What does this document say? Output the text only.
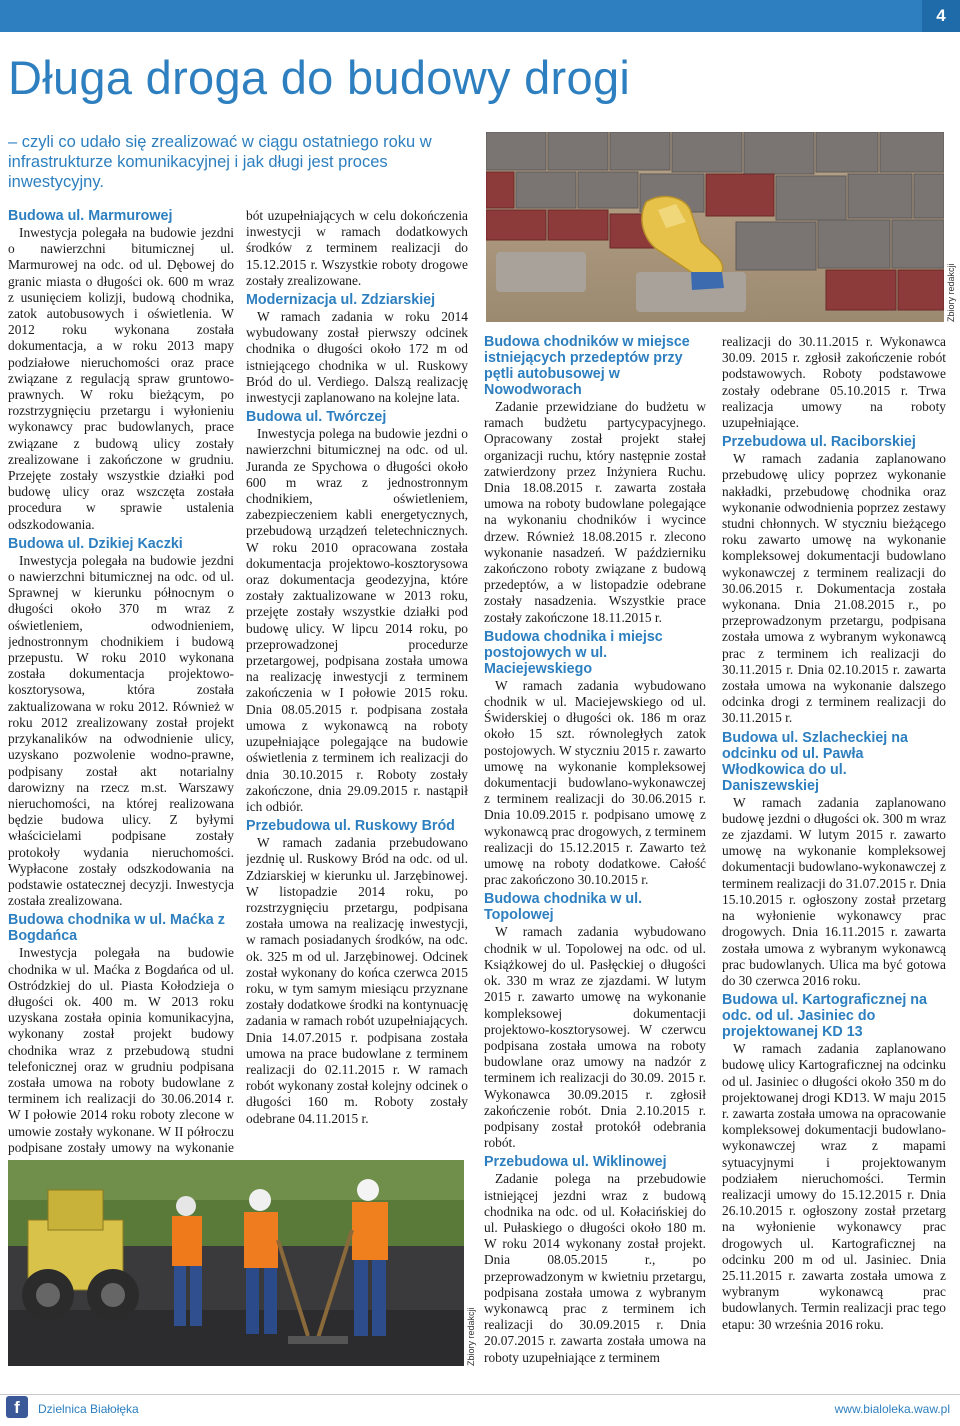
4
Długa droga do budowy drogi
– czyli co udało się zrealizować w ciągu ostatniego roku w infrastrukturze komunikacyjnej i jak długi jest proces inwestycyjny.
Budowa ul. Marmurowej

Inwestycja polegała na budowie jezdni o nawierzchni bitumicznej ul. Marmurowej na odc. od ul. Dębowej do granic miasta o długości ok. 600 m wraz z usunięciem kolizji, budową chodnika, zatok autobusowych i oświetlenia. W 2012 roku wykonana została dokumentacja, a w roku 2013 mapy podziałowe nieruchomości oraz prace związane z regulacją spraw gruntowo-prawnych. W roku bieżącym, po rozstrzygnięciu przetargu i wyłonieniu wykonawcy prac budowlanych, prace związane z budową ulicy zostały zrealizowane i zakończone w grudniu. Przejęte zostały wszystkie działki pod budowę ulicy oraz wszczęta została procedura w sprawie ustalenia odszkodowania.

Budowa ul. Dzikiej Kaczki

Inwestycja polegała na budowie jezdni o nawierzchni bitumicznej na odc. od ul. Sprawnej w kierunku północnym o długości około 370 m wraz z oświetleniem, odwodnieniem, jednostronnym chodnikiem i budową przepustu. W roku 2010 wykonana została dokumentacja projektowo-kosztorysowa, która została zaktualizowana w roku 2012. Również w roku 2012 zrealizowany został projekt przykanalików na odwodnienie ulicy, uzyskano pozwolenie wodno-prawne, podpisany został akt notarialny darowizny na rzecz m.st. Warszawy nieruchomości, na której realizowana będzie budowa ulicy. Z byłymi właścicielami podpisane zostały protokoły wydania nieruchomości. Wypłacone zostały odszkodowania na podstawie ostatecznej decyzji. Inwestycja została zrealizowana.

Budowa chodnika w ul. Maćka z Bogdańca

Inwestycja polegała na budowie chodnika w ul. Maćka z Bogdańca od ul. Ostródzkiej do ul. Piasta Kołodzieja o długości ok. 400 m. W 2013 roku uzyskana została opinia komunikacyjna, wykonany został projekt budowy chodnika wraz z przebudową studni telefonicznej oraz w grudniu podpisana została umowa na roboty budowlane z terminem ich realizacji do 30.06.2014 r. W I połowie 2014 roku roboty zlecone w umowie zostały wykonane. W II półroczu podpisane zostały umowy na wykonanie

bót uzupełniających w celu dokończenia inwestycji w ramach dodatkowych środków z terminem realizacji do 15.12.2015 r. Wszystkie roboty drogowe zostały zrealizowane.

Modernizacja ul. Zdziarskiej

W ramach zadania w roku 2014 wybudowany został pierwszy odcinek chodnika o długości około 172 m od istniejącego chodnika w ul. Ruskowy Bród do ul. Verdiego. Dalszą realizację inwestycji zaplanowano na kolejne lata.

Budowa ul. Twórczej

Inwestycja polega na budowie jezdni o nawierzchni bitumicznej na odc. od ul. Juranda ze Spychowa o długości około 600 m wraz z jednostronnym chodnikiem, oświetleniem, zabezpieczeniem kabli energetycznych, przebudową urządzeń teletechnicznych. W roku 2010 opracowana została dokumentacja projektowo-kosztorysowa oraz dokumentacja geodezyjna, które zostały zaktualizowane w 2013 roku, przejęte zostały wszystkie działki pod budowę ulicy. W lipcu 2014 roku, po przeprowadzonej procedurze przetargowej, podpisana została umowa na realizację inwestycji z terminem zakończenia w I połowie 2015 roku. Dnia 08.05.2015 r. podpisana została umowa z wykonawcą na roboty uzupełniające polegające na budowie oświetlenia z terminem ich realizacji do dnia 30.10.2015 r. Roboty zostały zakończone, dnia 29.09.2015 r. nastąpił ich odbiór.

Przebudowa ul. Ruskowy Bród

W ramach zadania przebudowano jezdnię ul. Ruskowy Bród na odc. od ul. Zdziarskiej w kierunku ul. Jarzębinowej. W listopadzie 2014 roku, po rozstrzygnięciu przetargu, podpisana została umowa na realizację inwestycji, w ramach posiadanych środków, na odc. ok. 325 m od ul. Jarzębinowej. Odcinek został wykonany do końca czerwca 2015 roku, w tym samym miesiącu przyznane zostały dodatkowe środki na kontynuację zadania w ramach robót uzupełniających. Dnia 14.07.2015 r. podpisana została umowa na prace budowlane z terminem realizacji do 02.11.2015 r. W ramach robót wykonany został kolejny odcinek o długości 160 m. Roboty zostały odebrane 04.11.2015 r.

Zbiory redakcji
Budowa chodników w miejsce istniejących przedeptów przy pętli autobusowej w Nowodworach

Zadanie przewidziane do budżetu w ramach budżetu partycypacyjnego. Opracowany został projekt stałej organizacji ruchu, który następnie został zatwierdzony przez Inżyniera Ruchu. Dnia 18.08.2015 r. zawarta została umowa na roboty budowlane polegające na wykonaniu chodników i wycince drzew. Również 18.08.2015 r. zlecono wykonanie nasadzeń. W październiku zakończono roboty związane z budową przedeptów, a w listopadzie odebrane zostały nasadzenia. Wszystkie prace zostały zakończone 18.11.2015 r.

Budowa chodnika i miejsc postojowych w ul. Maciejewskiego

W ramach zadania wybudowano chodnik w ul. Maciejewskiego od ul. Świderskiej o długości ok. 186 m oraz około 15 szt. równoległych zatok postojowych. W styczniu 2015 r. zawarto umowę na wykonanie kompleksowej dokumentacji budowlano-wykonawczej z terminem realizacji do 30.06.2015 r. Dnia 10.09.2015 r. podpisano umowę z wykonawcą prac drogowych, z terminem realizacji do 15.12.2015 r. Zawarto też umowę na roboty dodatkowe. Całość prac zakończono 30.10.2015 r.

Budowa chodnika w ul. Topolowej

W ramach zadania wybudowano chodnik w ul. Topolowej na odc. od ul. Książkowej do ul. Pasłęckiej o długości ok. 330 m wraz ze zjazdami. W lutym 2015 r. zawarto umowę na wykonanie kompleksowej dokumentacji projektowo-kosztorysowej. W czerwcu podpisana została umowa na roboty budowlane oraz umowy na nadzór z terminem ich realizacji do 30.09. 2015 r. Wykonawca 30.09.2015 r. zgłosił zakończenie robót. Dnia 2.10.2015 r. podpisany został protokół odebrania robót.

Przebudowa ul. Wiklinowej

Zadanie polega na przebudowie istniejącej jezdni wraz z budową chodnika na odc. od ul. Kołacińskiej do ul. Pułaskiego o długości około 180 m. W roku 2014 wykonany został projekt. Dnia 08.05.2015 r., po przeprowadzonym w kwietniu przetargu, podpisana została umowa z wybranym wykonawcą prac z terminem ich realizacji do 30.09.2015 r. Dnia 20.07.2015 r. zawarta została umowa na roboty uzupełniające z terminem

realizacji do 30.11.2015 r. Wykonawca 30.09. 2015 r. zgłosił zakończenie robót podstawowych. Roboty podstawowe zostały odebrane 05.10.2015 r. Trwa realizacja umowy na roboty uzupełniające.

Przebudowa ul. Raciborskiej

W ramach zadania zaplanowano przebudowę ulicy poprzez wykonanie nakładki, przebudowę chodnika oraz wykonanie odwodnienia poprzez zestawy studni chłonnych. W styczniu bieżącego roku zawarto umowę na wykonanie kompleksowej dokumentacji budowlano wykonawczej z terminem realizacji do 30.06.2015 r. Dokumentacja została wykonana. Dnia 21.08.2015 r., po przeprowadzonym przetargu, podpisana została umowa z wybranym wykonawcą prac z terminem ich realizacji do 30.11.2015 r. Dnia 02.10.2015 r. zawarta została umowa na wykonanie dalszego odcinka drogi z terminem realizacji do 30.11.2015 r.

Budowa ul. Szlacheckiej na odcinku od ul. Pawła Włodkowica do ul. Daniszewskiej

W ramach zadania zaplanowano budowę jezdni o długości ok. 300 m wraz ze zjazdami. W lutym 2015 r. zawarto umowę na wykonanie kompleksowej dokumentacji budowlano-wykonawczej z terminem realizacji do 31.07.2015 r. Dnia 15.10.2015 r. ogłoszony został przetarg na wyłonienie wykonawcy prac drogowych. Dnia 16.11.2015 r. zawarta została umowa z wybranym wykonawcą prac budowlanych. Ulica ma być gotowa do 30 czerwca 2016 roku.

Budowa ul. Kartograficznej na odc. od ul. Jasiniec do projektowanej KD 13

W ramach zadania zaplanowano budowę ulicy Kartograficznej na odcinku od ul. Jasiniec o długości około 350 m do projektowanej drogi KD13. W maju 2015 r. zawarta została umowa na opracowanie kompleksowej dokumentacji budowlano-wykonawczej wraz z mapami sytuacyjnymi i projektowanym podziałem nieruchomości. Termin realizacji umowy do 15.12.2015 r. Dnia 26.10.2015 r. ogłoszony został przetarg na wyłonienie wykonawcy prac drogowych ul. Kartograficznej na odcinku 200 m od ul. Jasiniec. Dnia 25.11.2015 r. zawarta została umowa z wybranym wykonawcą prac budowlanych. Termin realizacji prac tego etapu: 30 września 2016 roku.

Zbiory redakcji
f	Dzielnica Białołęka	www.bialoleka.waw.pl
